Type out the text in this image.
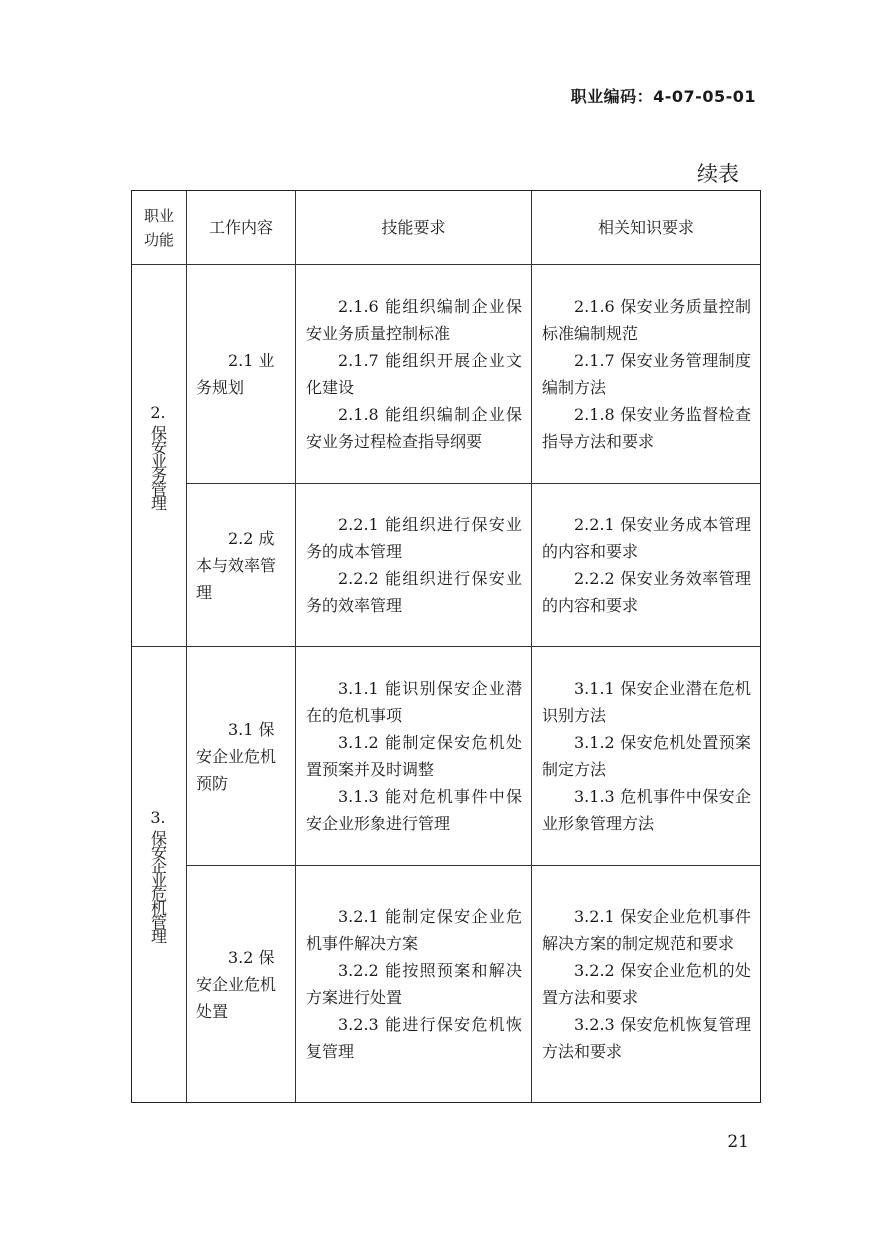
职业编码：4-07-05-01
续表
职业
功能
工作内容	技能要求	相关知识要求
2.
保安业务管理
2.1 业务规划

2.1.6 能组织编制企业保安业务质量控制标准

2.1.7 能组织开展企业文化建设

2.1.8 能组织编制企业保安业务过程检查指导纲要

2.1.6 保安业务质量控制标准编制规范

2.1.7 保安业务管理制度编制方法

2.1.8 保安业务监督检查指导方法和要求

2.2 成本与效率管理

2.2.1 能组织进行保安业务的成本管理

2.2.2 能组织进行保安业务的效率管理

2.2.1 保安业务成本管理的内容和要求

2.2.2 保安业务效率管理的内容和要求

3.
保安企业危机管理
3.1 保安企业危机预防

3.1.1 能识别保安企业潜在的危机事项

3.1.2 能制定保安危机处置预案并及时调整

3.1.3 能对危机事件中保安企业形象进行管理

3.1.1 保安企业潜在危机识别方法

3.1.2 保安危机处置预案制定方法

3.1.3 危机事件中保安企业形象管理方法

3.2 保安企业危机处置

3.2.1 能制定保安企业危机事件解决方案

3.2.2 能按照预案和解决方案进行处置

3.2.3 能进行保安危机恢复管理

3.2.1 保安企业危机事件解决方案的制定规范和要求

3.2.2 保安企业危机的处置方法和要求

3.2.3 保安危机恢复管理方法和要求

21
